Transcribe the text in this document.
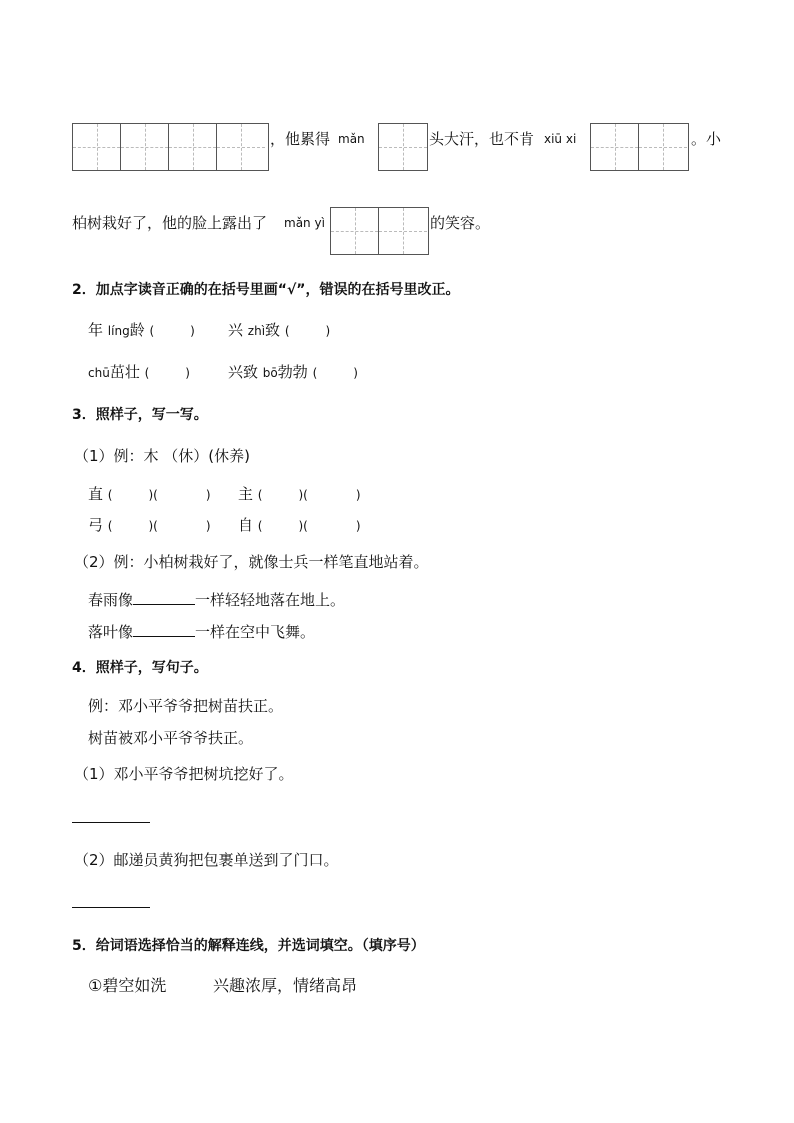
，他累得 mǎn	头大汗，也不肯 xiū xi	。小
柏树栽好了，他的脸上露出了 mǎn yì	的笑容。
2．加点字读音正确的在括号里画“√”，错误的在括号里改正。
年 líng龄 (　　　) 兴 zhì致 (　　　)
chū茁壮 (　　　)	兴致 bō勃勃 (　　　)
3．照样子，写一写。
（1）例：木 （休）(休养)
直 (　　　)(　　　　) 主 (　　　)(　　　　)
弓 (　　　)(　　　　) 自 (　　　)(　　　　)
（2）例：小柏树栽好了，就像士兵一样笔直地站着。
春雨像	一样轻轻地落在地上。
落叶像	一样在空中飞舞。
4．照样子，写句子。
例：邓小平爷爷把树苗扶正。
树苗被邓小平爷爷扶正。
（1）邓小平爷爷把树坑挖好了。
（2）邮递员黄狗把包裹单送到了门口。
5．给词语选择恰当的解释连线，并选词填空。（填序号）
①碧空如洗	兴趣浓厚，情绪高昂
